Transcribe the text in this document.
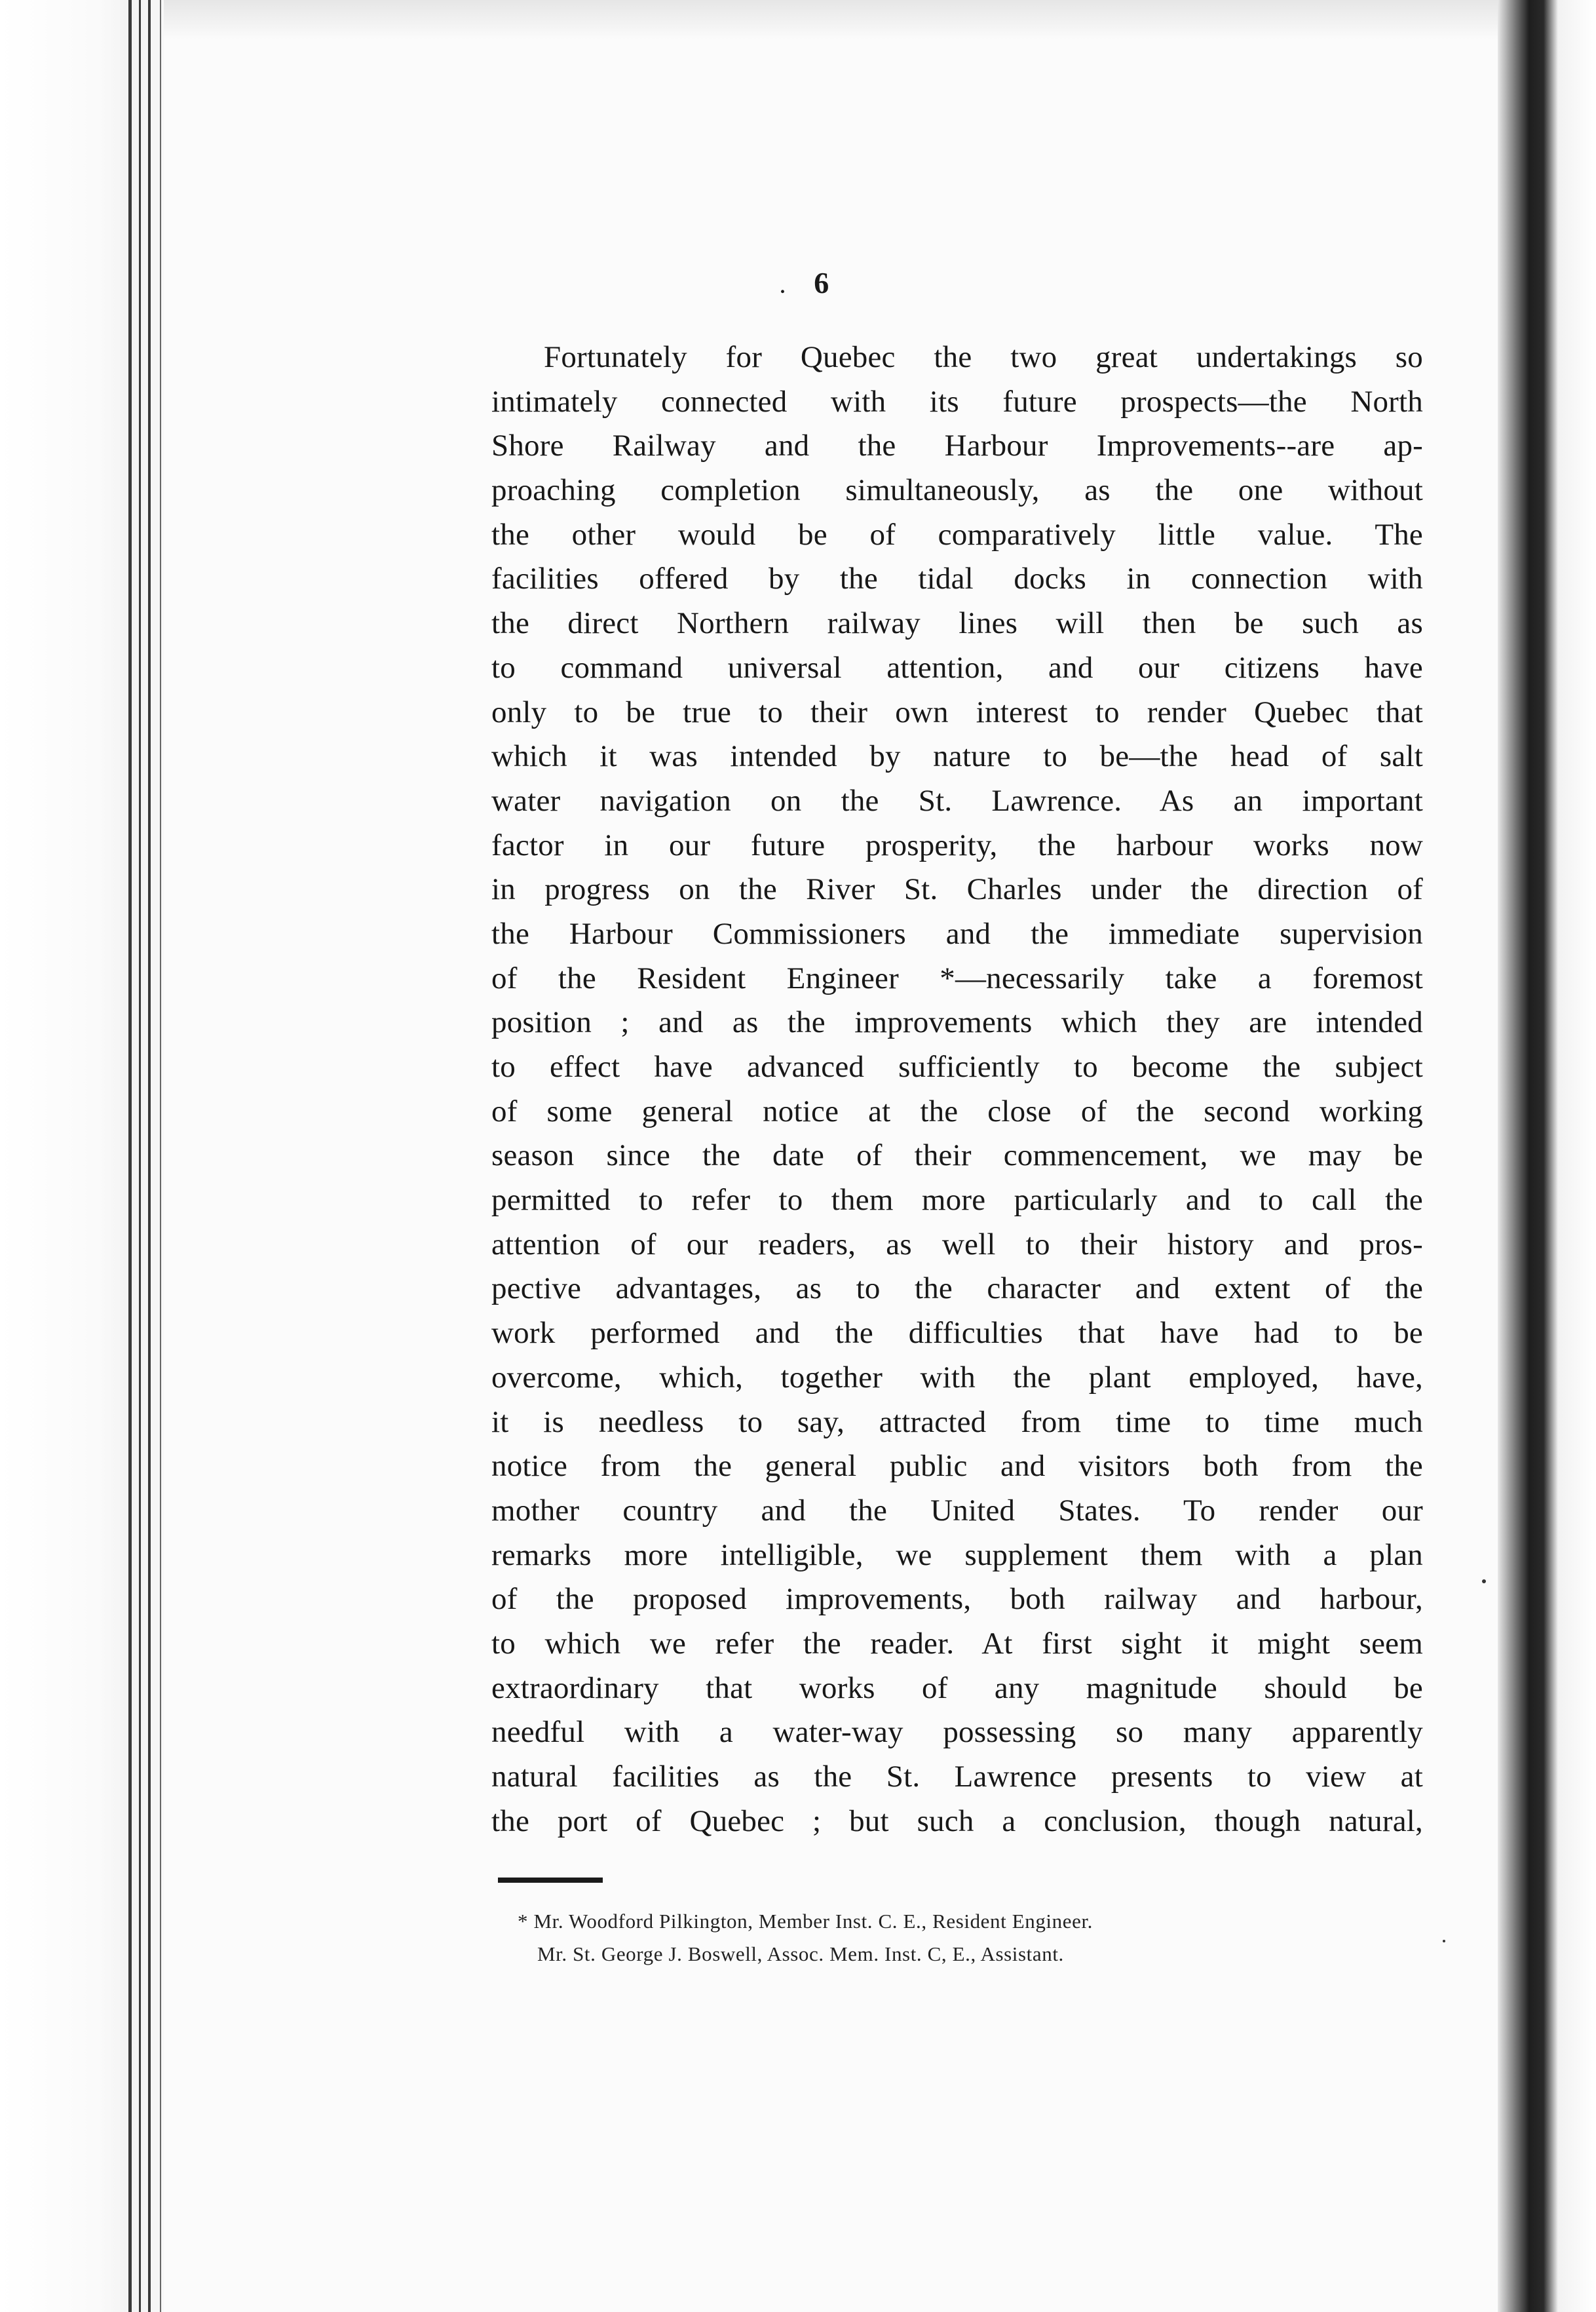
. 6
Fortunately for Quebec the two great undertakings so
intimately connected with its future prospects—the North
Shore Railway and the Harbour Improvements--are ap-
proaching completion simultaneously, as the one without
the other would be of comparatively little value. The
facilities offered by the tidal docks in connection with
the direct Northern railway lines will then be such as
to command universal attention, and our citizens have
only to be true to their own interest to render Quebec that
which it was intended by nature to be—the head of salt
water navigation on the St. Lawrence. As an important
factor in our future prosperity, the harbour works now
in progress on the River St. Charles under the direction of
the Harbour Commissioners and the immediate supervision
of the Resident Engineer *—necessarily take a foremost
position ; and as the improvements which they are intended
to effect have advanced sufficiently to become the subject
of some general notice at the close of the second working
season since the date of their commencement, we may be
permitted to refer to them more particularly and to call the
attention of our readers, as well to their history and pros-
pective advantages, as to the character and extent of the
work performed and the difficulties that have had to be
overcome, which, together with the plant employed, have,
it is needless to say, attracted from time to time much
notice from the general public and visitors both from the
mother country and the United States. To render our
remarks more intelligible, we supplement them with a plan
of the proposed improvements, both railway and harbour,
to which we refer the reader. At first sight it might seem
extraordinary that works of any magnitude should be
needful with a water-way possessing so many apparently
natural facilities as the St. Lawrence presents to view at
the port of Quebec ; but such a conclusion, though natural,
* Mr. Woodford Pilkington, Member Inst. C. E., Resident Engineer.
Mr. St. George J. Boswell, Assoc. Mem. Inst. C, E., Assistant.
